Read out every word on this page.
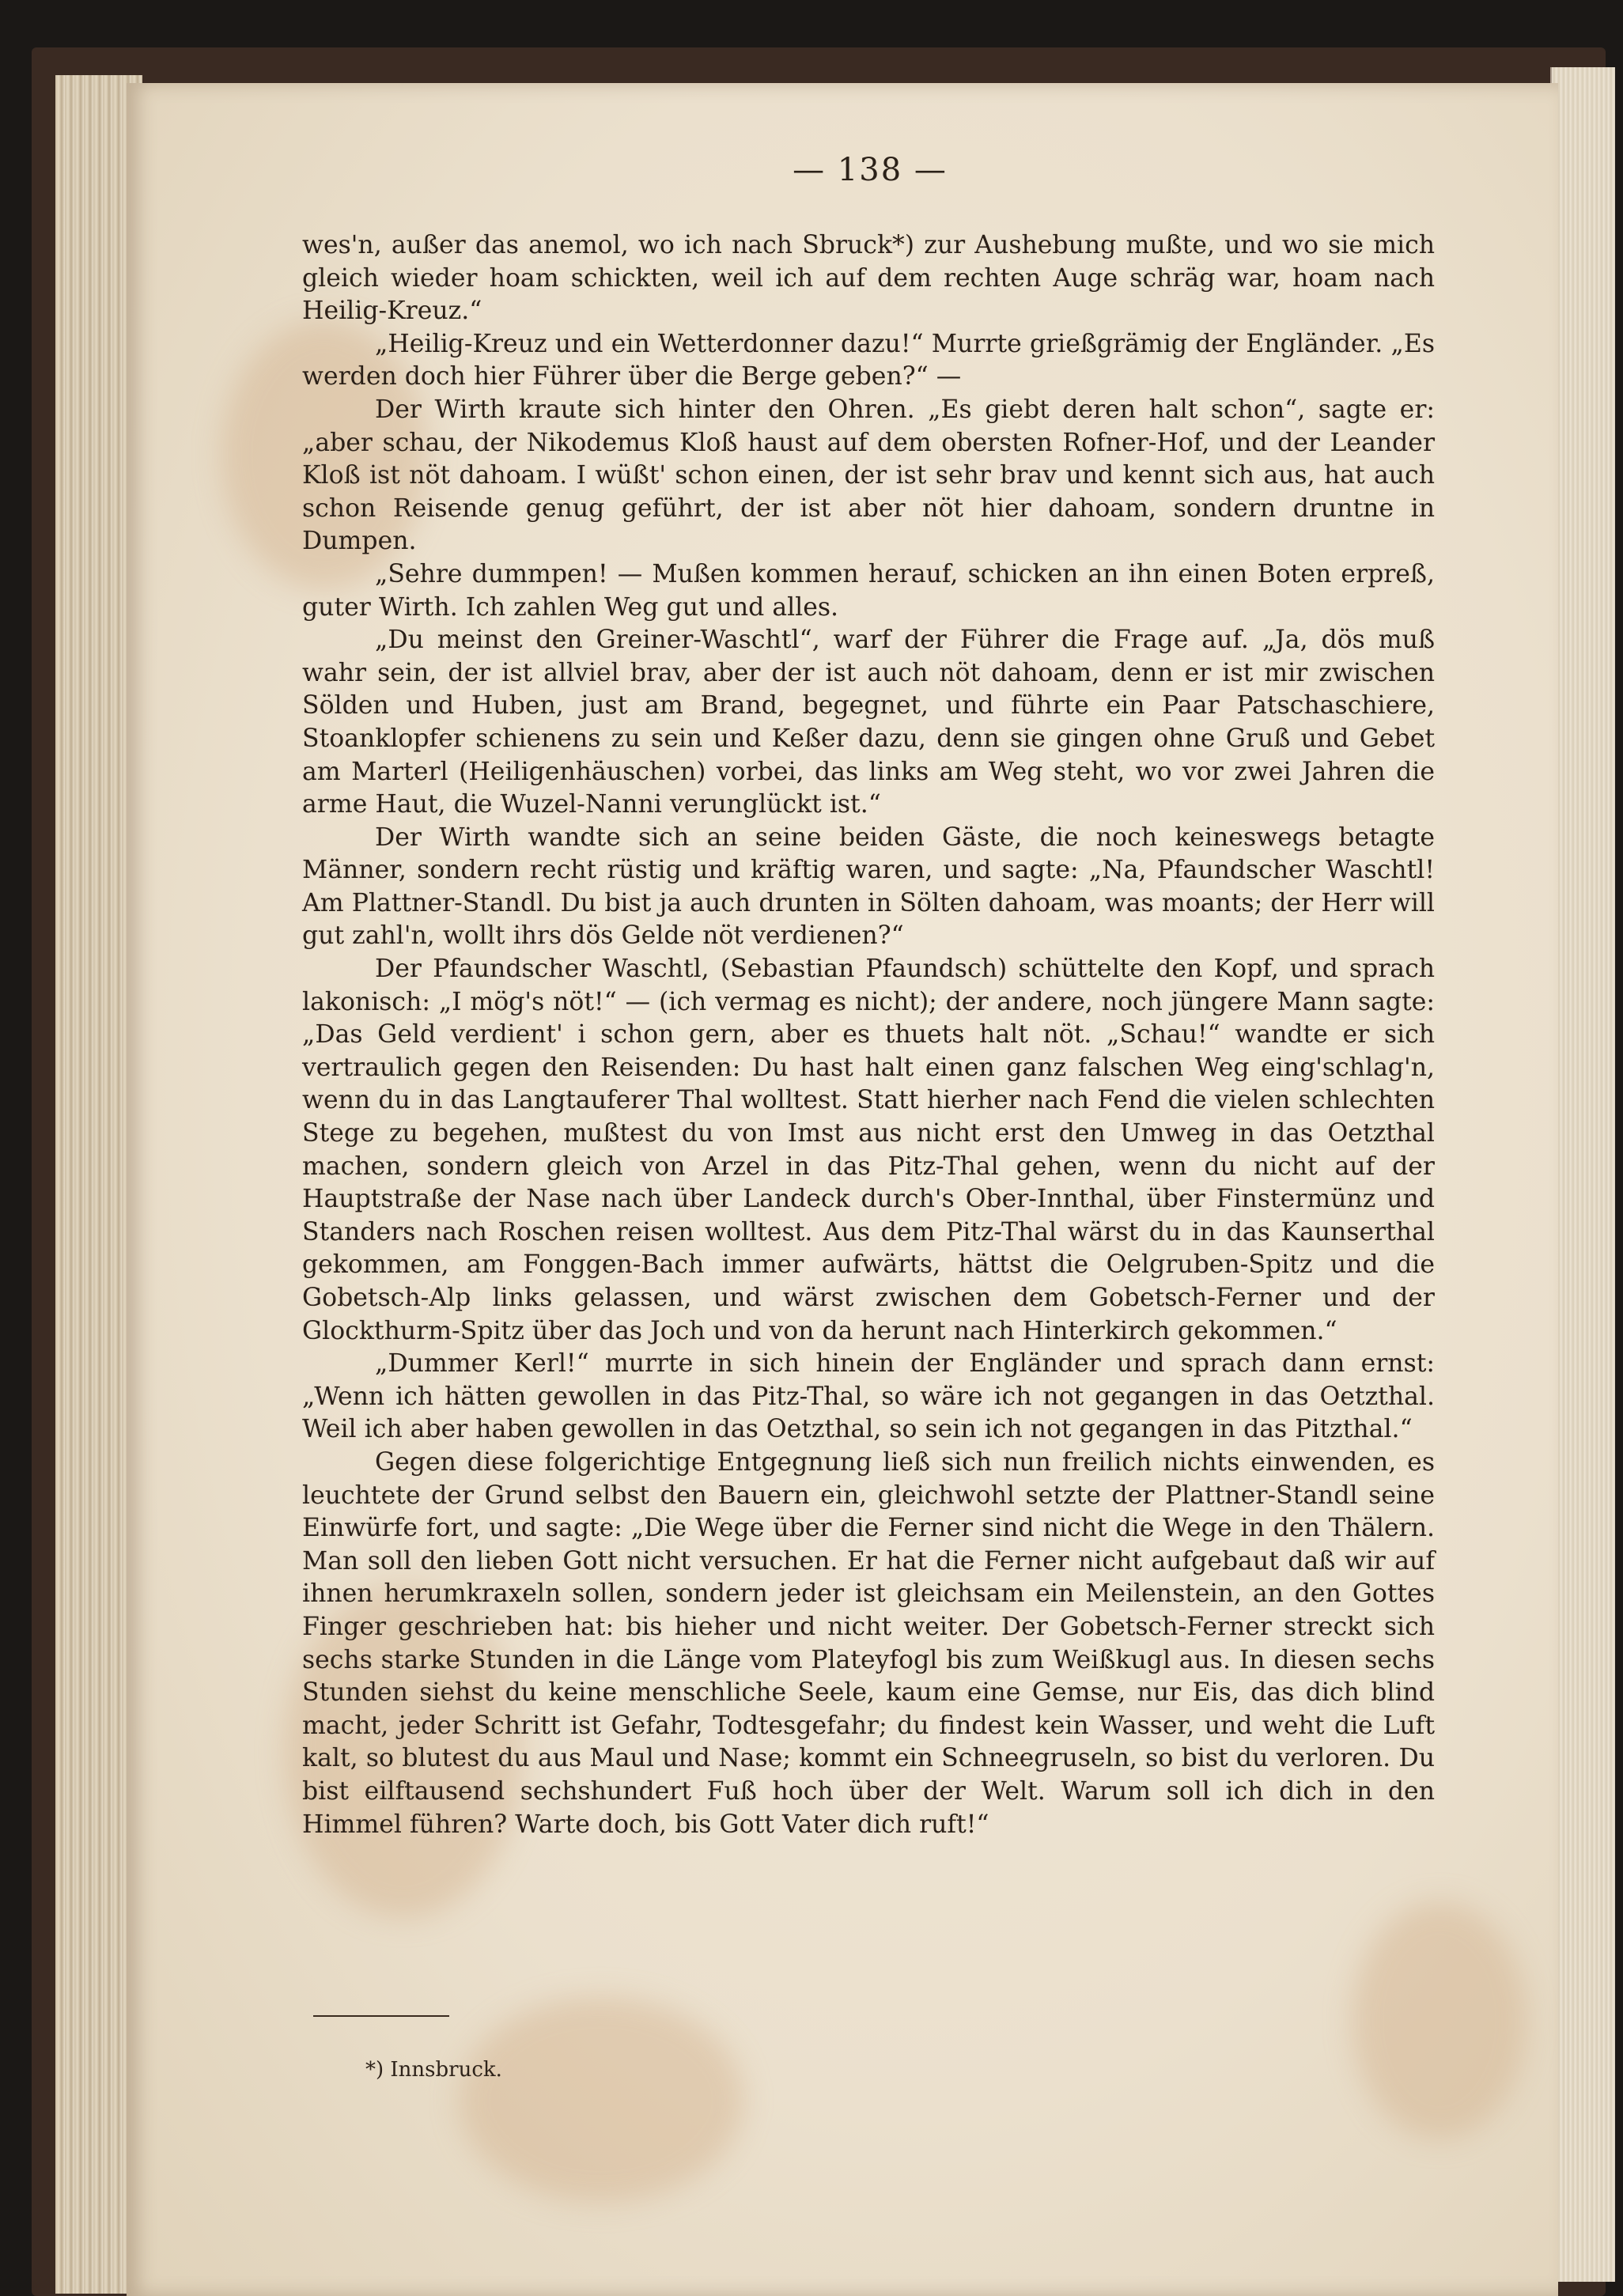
— 138 —

wes'n, außer das anemol, wo ich nach Sbruck*) zur Aushebung mußte, und wo sie mich gleich wieder hoam schickten, weil ich auf dem rechten Auge schräg war, hoam nach Heilig-Kreuz.“

„Heilig-Kreuz und ein Wetterdonner dazu!“ Murrte grießgrämig der Engländer. „Es werden doch hier Führer über die Berge geben?“ —

Der Wirth kraute sich hinter den Ohren. „Es giebt deren halt schon“, sagte er: „aber schau, der Nikodemus Kloß haust auf dem obersten Rofner-Hof, und der Leander Kloß ist nöt dahoam. I wüßt' schon einen, der ist sehr brav und kennt sich aus, hat auch schon Reisende genug geführt, der ist aber nöt hier dahoam, sondern druntne in Dumpen.

„Sehre dummpen! — Mußen kommen herauf, schicken an ihn einen Boten erpreß, guter Wirth. Ich zahlen Weg gut und alles.

„Du meinst den Greiner-Waschtl“, warf der Führer die Frage auf. „Ja, dös muß wahr sein, der ist allviel brav, aber der ist auch nöt dahoam, denn er ist mir zwischen Sölden und Huben, just am Brand, begegnet, und führte ein Paar Patschaschiere, Stoanklopfer schienens zu sein und Keßer dazu, denn sie gingen ohne Gruß und Gebet am Marterl (Heiligenhäuschen) vorbei, das links am Weg steht, wo vor zwei Jahren die arme Haut, die Wuzel-Nanni verunglückt ist.“

Der Wirth wandte sich an seine beiden Gäste, die noch keineswegs betagte Männer, sondern recht rüstig und kräftig waren, und sagte: „Na, Pfaundscher Waschtl! Am Plattner-Standl. Du bist ja auch drunten in Sölten dahoam, was moants; der Herr will gut zahl'n, wollt ihrs dös Gelde nöt verdienen?“

Der Pfaundscher Waschtl, (Sebastian Pfaundsch) schüttelte den Kopf, und sprach lakonisch: „I mög's nöt!“ — (ich vermag es nicht); der andere, noch jüngere Mann sagte: „Das Geld verdient' i schon gern, aber es thuets halt nöt. „Schau!“ wandte er sich vertraulich gegen den Reisenden: Du hast halt einen ganz falschen Weg eing'schlag'n, wenn du in das Langtauferer Thal wolltest. Statt hierher nach Fend die vielen schlechten Stege zu begehen, mußtest du von Imst aus nicht erst den Umweg in das Oetzthal machen, sondern gleich von Arzel in das Pitz-Thal gehen, wenn du nicht auf der Hauptstraße der Nase nach über Landeck durch's Ober-Innthal, über Finstermünz und Standers nach Roschen reisen wolltest. Aus dem Pitz-Thal wärst du in das Kaunserthal gekommen, am Fonggen-Bach immer aufwärts, hättst die Oelgruben-Spitz und die Gobetsch-Alp links gelassen, und wärst zwischen dem Gobetsch-Ferner und der Glockthurm-Spitz über das Joch und von da herunt nach Hinterkirch gekommen.“

„Dummer Kerl!“ murrte in sich hinein der Engländer und sprach dann ernst: „Wenn ich hätten gewollen in das Pitz-Thal, so wäre ich not gegangen in das Oetzthal. Weil ich aber haben gewollen in das Oetzthal, so sein ich not gegangen in das Pitzthal.“

Gegen diese folgerichtige Entgegnung ließ sich nun freilich nichts einwenden, es leuchtete der Grund selbst den Bauern ein, gleichwohl setzte der Plattner-Standl seine Einwürfe fort, und sagte: „Die Wege über die Ferner sind nicht die Wege in den Thälern. Man soll den lieben Gott nicht versuchen. Er hat die Ferner nicht aufgebaut daß wir auf ihnen herumkraxeln sollen, sondern jeder ist gleichsam ein Meilenstein, an den Gottes Finger geschrieben hat: bis hieher und nicht weiter. Der Gobetsch-Ferner streckt sich sechs starke Stunden in die Länge vom Plateyfogl bis zum Weißkugl aus. In diesen sechs Stunden siehst du keine menschliche Seele, kaum eine Gemse, nur Eis, das dich blind macht, jeder Schritt ist Gefahr, Todtesgefahr; du findest kein Wasser, und weht die Luft kalt, so blutest du aus Maul und Nase; kommt ein Schneegruseln, so bist du verloren. Du bist eilftausend sechshundert Fuß hoch über der Welt. Warum soll ich dich in den Himmel führen? Warte doch, bis Gott Vater dich ruft!“

*) Innsbruck.
